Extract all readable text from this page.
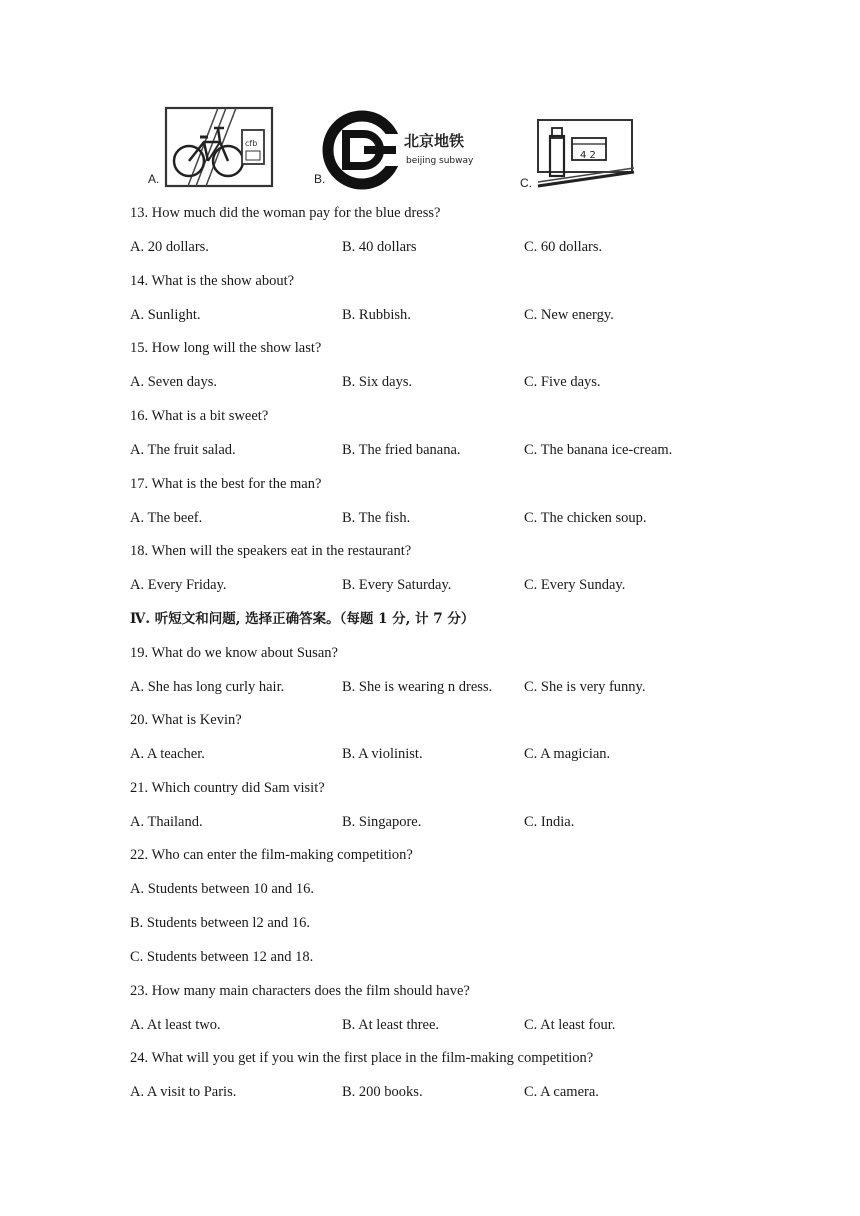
cfb
A.
北京地铁
beijing subway
B.
4 2
C.
13. How much did the woman pay for the blue dress?
A. 20 dollars.	B. 40 dollars	C. 60 dollars.
14. What is the show about?
A. Sunlight.	B. Rubbish.	C. New energy.
15. How long will the show last?
A. Seven days.	B. Six days.	C. Five days.
16. What is a bit sweet?
A. The fruit salad.	B. The fried banana.	C. The banana ice-cream.
17. What is the best for the man?
A. The beef.	B. The fish.	C. The chicken soup.
18. When will the speakers eat in the restaurant?
A. Every Friday.	B. Every Saturday.	C. Every Sunday.
Ⅳ. 听短文和问题, 选择正确答案。（每题 1 分, 计 7 分）
19. What do we know about Susan?
A. She has long curly hair.	B. She is wearing n dress. C. She is very funny.
20. What is Kevin?
A. A teacher.	B. A violinist.	C. A magician.
21. Which country did Sam visit?
A. Thailand.	B. Singapore.	C. India.
22. Who can enter the film-making competition?
A. Students between 10 and 16.
B. Students between l2 and 16.
C. Students between 12 and 18.
23. How many main characters does the film should have?
A. At least two.	B. At least three.	C. At least four.
24. What will you get if you win the first place in the film-making competition?
A. A visit to Paris.	B. 200 books.	C. A camera.
